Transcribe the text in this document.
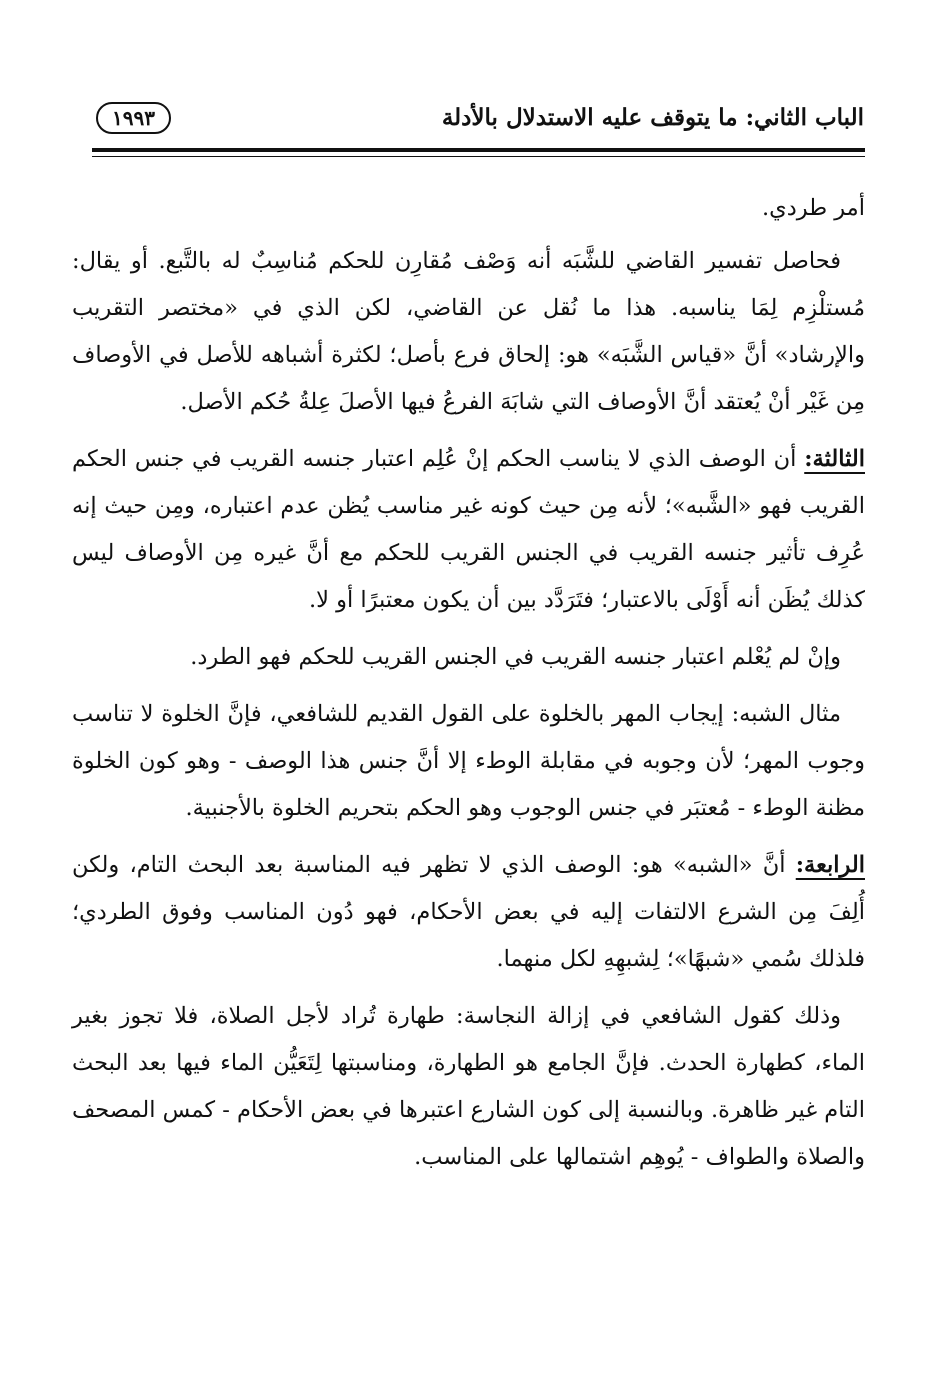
الباب الثاني: ما يتوقف عليه الاستدلال بالأدلة
١٩٩٣

أمر طردي.

فحاصل تفسير القاضي للشَّبَه أنه وَصْف مُقارِن للحكم مُناسِبٌ له بالتَّبع. أو يقال: مُستلْزِم لِمَا يناسبه. هذا ما نُقل عن القاضي، لكن الذي في «مختصر التقريب والإرشاد» أنَّ «قياس الشَّبَه» هو: إلحاق فرع بأصل؛ لكثرة أشباهه للأصل في الأوصاف مِن غَيْر أنْ يُعتقد أنَّ الأوصاف التي شابَهَ الفرعُ فيها الأصلَ عِلةُ حُكم الأصل.

الثالثة: أن الوصف الذي لا يناسب الحكم إنْ عُلِم اعتبار جنسه القريب في جنس الحكم القريب فهو «الشَّبه»؛ لأنه مِن حيث كونه غير مناسب يُظن عدم اعتباره، ومِن حيث إنه عُرِف تأثير جنسه القريب في الجنس القريب للحكم مع أنَّ غيره مِن الأوصاف ليس كذلك يُظَن أنه أَوْلَى بالاعتبار؛ فتَرَدَّد بين أن يكون معتبرًا أو لا.

وإنْ لم يُعْلم اعتبار جنسه القريب في الجنس القريب للحكم فهو الطرد.

مثال الشبه: إيجاب المهر بالخلوة على القول القديم للشافعي، فإنَّ الخلوة لا تناسب وجوب المهر؛ لأن وجوبه في مقابلة الوطء إلا أنَّ جنس هذا الوصف - وهو كون الخلوة مظنة الوطء - مُعتبَر في جنس الوجوب وهو الحكم بتحريم الخلوة بالأجنبية.

الرابعة: أنَّ «الشبه» هو: الوصف الذي لا تظهر فيه المناسبة بعد البحث التام، ولكن أُلِفَ مِن الشرع الالتفات إليه في بعض الأحكام، فهو دُون المناسب وفوق الطردي؛ فلذلك سُمي «شبهًا»؛ لِشبهِهِ لكل منهما.

وذلك كقول الشافعي في إزالة النجاسة: طهارة تُراد لأجل الصلاة، فلا تجوز بغير الماء، كطهارة الحدث. فإنَّ الجامع هو الطهارة، ومناسبتها لِتَعَيُّن الماء فيها بعد البحث التام غير ظاهرة. وبالنسبة إلى كون الشارع اعتبرها في بعض الأحكام - كمس المصحف والصلاة والطواف - يُوهِم اشتمالها على المناسب.
